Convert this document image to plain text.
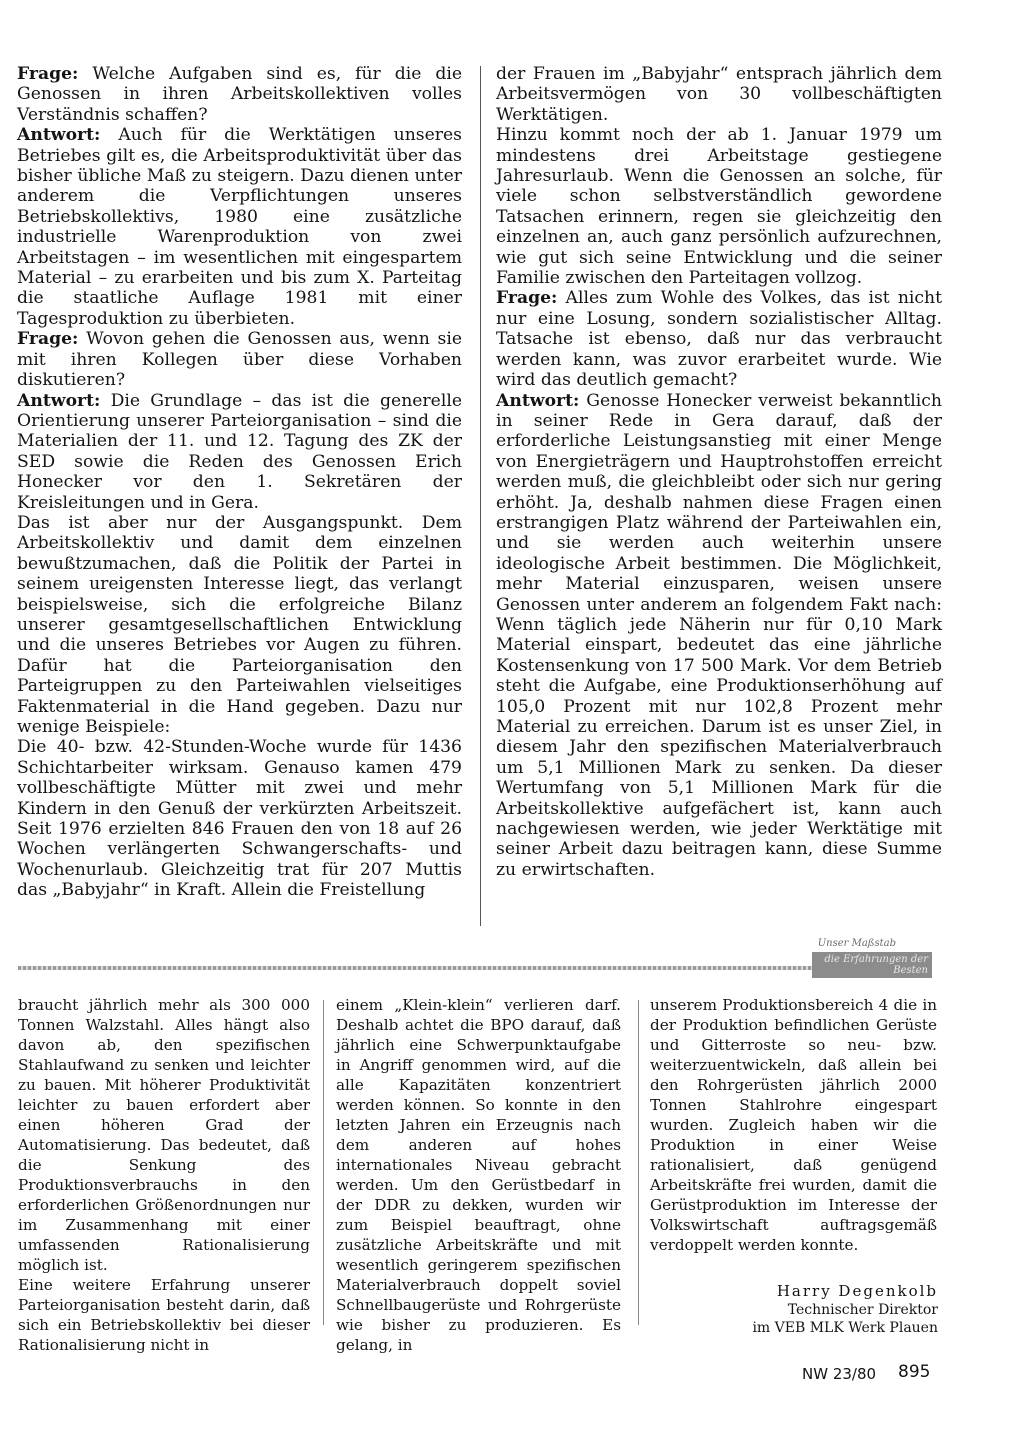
Frage: Welche Aufgaben sind es, für die die Genossen in ihren Arbeitskollektiven volles Verständnis schaffen?

Antwort: Auch für die Werktätigen unseres Betriebes gilt es, die Arbeitsproduktivität über das bisher übliche Maß zu steigern. Dazu dienen unter anderem die Verpflichtungen unseres Betriebskollektivs, 1980 eine zusätzliche industrielle Warenproduktion von zwei Arbeitstagen – im wesentlichen mit eingespartem Material – zu erarbeiten und bis zum X. Parteitag die staatliche Auflage 1981 mit einer Tagesproduktion zu überbieten.

Frage: Wovon gehen die Genossen aus, wenn sie mit ihren Kollegen über diese Vorhaben diskutieren?

Antwort: Die Grundlage – das ist die generelle Orientierung unserer Parteiorganisation – sind die Materialien der 11. und 12. Tagung des ZK der SED sowie die Reden des Genossen Erich Honecker vor den 1. Sekretären der Kreisleitungen und in Gera.

Das ist aber nur der Ausgangspunkt. Dem Arbeitskollektiv und damit dem einzelnen bewußtzumachen, daß die Politik der Partei in seinem ureigensten Interesse liegt, das verlangt beispielsweise, sich die erfolgreiche Bilanz unserer gesamtgesellschaftlichen Entwicklung und die unseres Betriebes vor Augen zu führen. Dafür hat die Parteiorganisation den Parteigruppen zu den Parteiwahlen vielseitiges Faktenmaterial in die Hand gegeben. Dazu nur wenige Beispiele:

Die 40- bzw. 42-Stunden-Woche wurde für 1436 Schichtarbeiter wirksam. Genauso kamen 479 vollbeschäftigte Mütter mit zwei und mehr Kindern in den Genuß der verkürzten Arbeitszeit. Seit 1976 erzielten 846 Frauen den von 18 auf 26 Wochen verlängerten Schwangerschafts- und Wochenurlaub. Gleichzeitig trat für 207 Muttis das „Babyjahr“ in Kraft. Allein die Freistellung

der Frauen im „Babyjahr“ entsprach jährlich dem Arbeitsvermögen von 30 vollbeschäftigten Werktätigen.

Hinzu kommt noch der ab 1. Januar 1979 um mindestens drei Arbeitstage gestiegene Jahresurlaub. Wenn die Genossen an solche, für viele schon selbstverständlich gewordene Tatsachen erinnern, regen sie gleichzeitig den einzelnen an, auch ganz persönlich aufzurechnen, wie gut sich seine Entwicklung und die seiner Familie zwischen den Parteitagen vollzog.

Frage: Alles zum Wohle des Volkes, das ist nicht nur eine Losung, sondern sozialistischer Alltag. Tatsache ist ebenso, daß nur das verbraucht werden kann, was zuvor erarbeitet wurde. Wie wird das deutlich gemacht?

Antwort: Genosse Honecker verweist bekanntlich in seiner Rede in Gera darauf, daß der erforderliche Leistungsanstieg mit einer Menge von Energieträgern und Hauptrohstoffen erreicht werden muß, die gleichbleibt oder sich nur gering erhöht. Ja, deshalb nahmen diese Fragen einen erstrangigen Platz während der Parteiwahlen ein, und sie werden auch weiterhin unsere ideologische Arbeit bestimmen. Die Möglichkeit, mehr Material einzusparen, weisen unsere Genossen unter anderem an folgendem Fakt nach: Wenn täglich jede Näherin nur für 0,10 Mark Material einspart, bedeutet das eine jährliche Kostensenkung von 17 500 Mark. Vor dem Betrieb steht die Aufgabe, eine Produktionserhöhung auf 105,0 Prozent mit nur 102,8 Prozent mehr Material zu erreichen. Darum ist es unser Ziel, in diesem Jahr den spezifischen Materialverbrauch um 5,1 Millionen Mark zu senken. Da dieser Wertumfang von 5,1 Millionen Mark für die Arbeitskollektive aufgefächert ist, kann auch nachgewiesen werden, wie jeder Werktätige mit seiner Arbeit dazu beitragen kann, diese Summe zu erwirtschaften.

Unser Maßstab
die Erfahrungen der Besten

braucht jährlich mehr als 300 000 Tonnen Walzstahl. Alles hängt also davon ab, den spezifischen Stahlaufwand zu senken und leichter zu bauen. Mit höherer Produktivität leichter zu bauen erfordert aber einen höheren Grad der Automatisierung. Das bedeutet, daß die Senkung des Produktionsverbrauchs in den erforderlichen Größenordnungen nur im Zusammenhang mit einer umfassenden Rationalisierung möglich ist.

Eine weitere Erfahrung unserer Parteiorganisation besteht darin, daß sich ein Betriebskollektiv bei dieser Rationalisierung nicht in

einem „Klein-klein“ verlieren darf. Deshalb achtet die BPO darauf, daß jährlich eine Schwerpunktaufgabe in Angriff genommen wird, auf die alle Kapazitäten konzentriert werden können. So konnte in den letzten Jahren ein Erzeugnis nach dem anderen auf hohes internationales Niveau gebracht werden. Um den Gerüstbedarf in der DDR zu dekken, wurden wir zum Beispiel beauftragt, ohne zusätzliche Arbeitskräfte und mit wesentlich geringerem spezifischen Materialverbrauch doppelt soviel Schnellbaugerüste und Rohrgerüste wie bisher zu produzieren. Es gelang, in

unserem Produktionsbereich 4 die in der Produktion befindlichen Gerüste und Gitterroste so neu- bzw. weiterzuentwickeln, daß allein bei den Rohrgerüsten jährlich 2000 Tonnen Stahlrohre eingespart wurden. Zugleich haben wir die Produktion in einer Weise rationalisiert, daß genügend Arbeitskräfte frei wurden, damit die Gerüstproduktion im Interesse der Volkswirtschaft auftragsgemäß verdoppelt werden konnte.

Harry Degenkolb
Technischer Direktor
im VEB MLK Werk Plauen
NW 23/80 895
